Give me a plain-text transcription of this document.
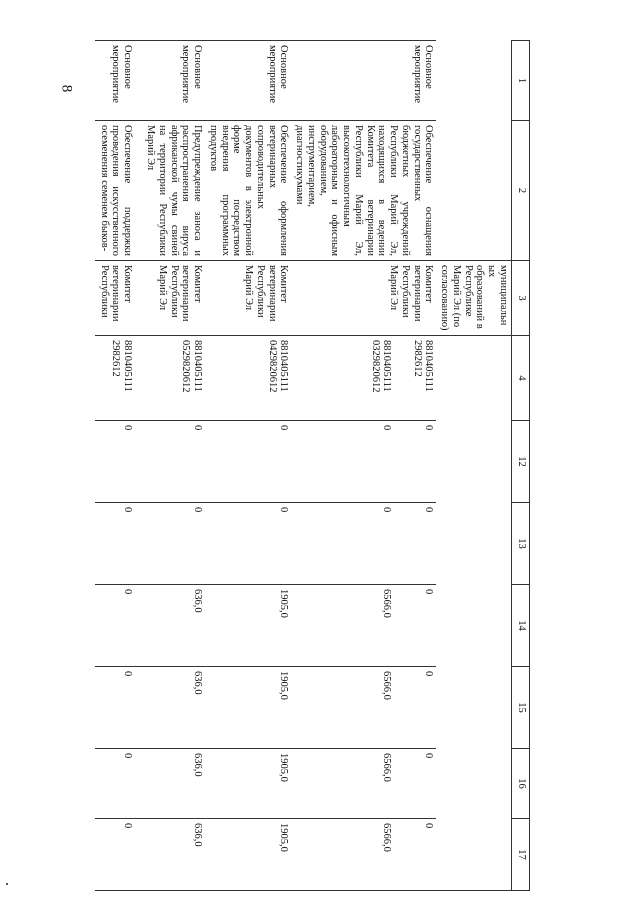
8
1	2	3	4	12	13	14	15	16	17
		муниципальных образований в Республике Марий Эл (по согласованию)							
Основное мероприятие	Обеспечение оснащения государственных бюджетных учреждений Республики Марий Эл, находящихся в ведении Комитета ветеринарии Республики Марий Эл, высокотехнологичным лабораторным и офисным оборудованием, инструментарием, диагностикумами	Комитет ветеринарии Республики Марий Эл	8810405111 2982612	0	0	0	0	0	0
			8810405111 0329820612	0	0	6566,0	6566,0	6566,0	6566,0
Основное мероприятие	Обеспечение оформления ветеринарных сопроводительных документов в электронной форме посредством внедрения программных продуктов	Комитет ветеринарии Республики Марий Эл	8810405111 0429820612	0	0	1905,0	1905,0	1905,0	1905,0
Основное мероприятие	Предупреждение заноса и распространения вируса африканской чумы свиней на территории Республики Марий Эл	Комитет ветеринарии Республики Марий Эл	8810405111 0529820612	0	0	636,0	636,0	636,0	636,0
Основное мероприятие	Обеспечение поддержки проведения искусственного осеменения семенем быков-	Комитет ветеринарии Республики	8810405111 2982612	0	0	0	0	0	0
